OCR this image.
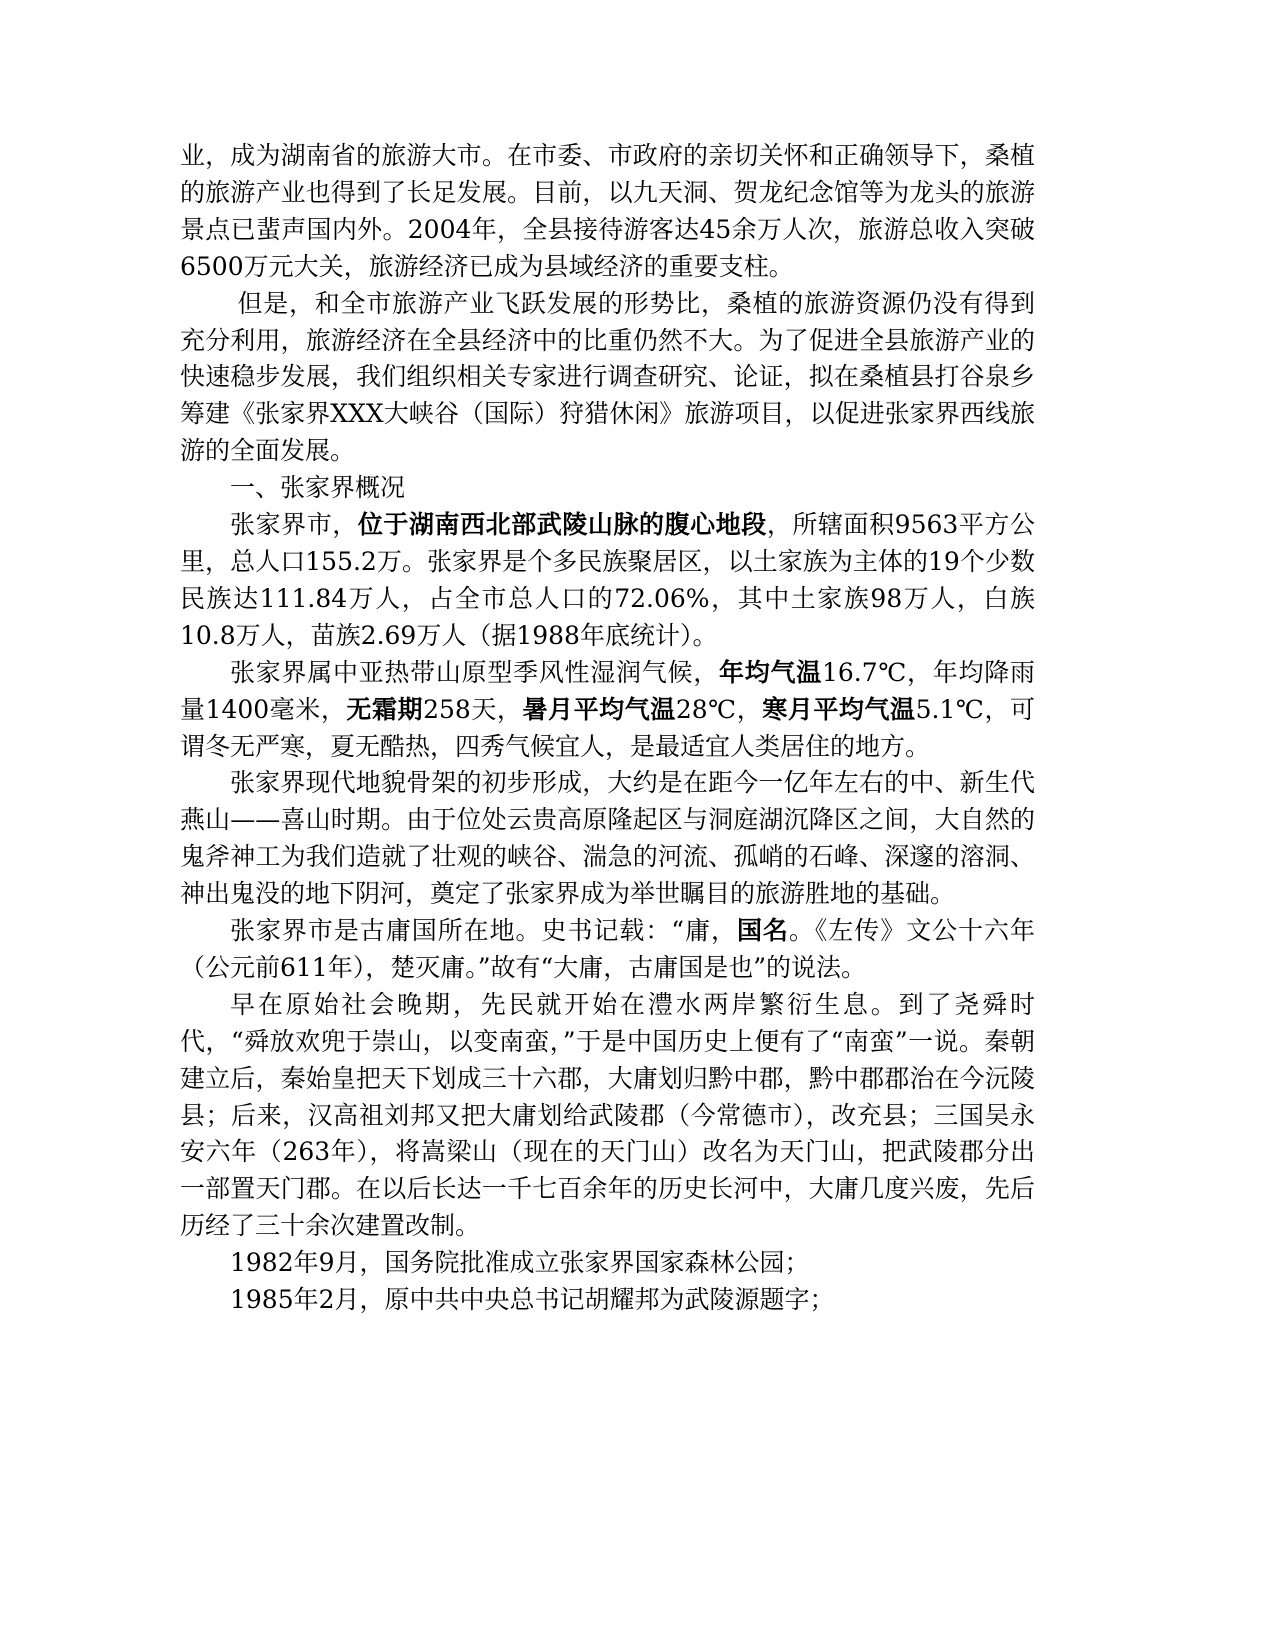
业，成为湖南省的旅游大市。在市委、市政府的亲切关怀和正确领导下，桑植的旅游产业也得到了长足发展。目前，以九天洞、贺龙纪念馆等为龙头的旅游景点已蜚声国内外。2004年，全县接待游客达45余万人次，旅游总收入突破6500万元大关，旅游经济已成为县域经济的重要支柱。

但是，和全市旅游产业飞跃发展的形势比，桑植的旅游资源仍没有得到充分利用，旅游经济在全县经济中的比重仍然不大。为了促进全县旅游产业的快速稳步发展，我们组织相关专家进行调查研究、论证，拟在桑植县打谷泉乡筹建《张家界XXX大峡谷（国际）狩猎休闲》旅游项目，以促进张家界西线旅游的全面发展。

一、张家界概况

张家界市，位于湖南西北部武陵山脉的腹心地段，所辖面积9563平方公里，总人口155.2万。张家界是个多民族聚居区，以土家族为主体的19个少数民族达111.84万人，占全市总人口的72.06%，其中土家族98万人，白族10.8万人，苗族2.69万人（据1988年底统计）。

张家界属中亚热带山原型季风性湿润气候，年均气温16.7℃，年均降雨量1400毫米，无霜期258天，暑月平均气温28℃，寒月平均气温5.1℃，可谓冬无严寒，夏无酷热，四秀气候宜人，是最适宜人类居住的地方。

张家界现代地貌骨架的初步形成，大约是在距今一亿年左右的中、新生代燕山——喜山时期。由于位处云贵高原隆起区与洞庭湖沉降区之间，大自然的鬼斧神工为我们造就了壮观的峡谷、湍急的河流、孤峭的石峰、深邃的溶洞、神出鬼没的地下阴河，奠定了张家界成为举世瞩目的旅游胜地的基础。

张家界市是古庸国所在地。史书记载：“庸，国名。《左传》文公十六年（公元前611年），楚灭庸。”故有“大庸，古庸国是也”的说法。

早在原始社会晚期，先民就开始在澧水两岸繁衍生息。到了尧舜时代，“舜放欢兜于崇山，以变南蛮，”于是中国历史上便有了“南蛮”一说。秦朝建立后，秦始皇把天下划成三十六郡，大庸划归黔中郡，黔中郡郡治在今沅陵县；后来，汉高祖刘邦又把大庸划给武陵郡（今常德市），改充县；三国吴永安六年（263年），将嵩梁山（现在的天门山）改名为天门山，把武陵郡分出一部置天门郡。在以后长达一千七百余年的历史长河中，大庸几度兴废，先后历经了三十余次建置改制。

1982年9月，国务院批准成立张家界国家森林公园；

1985年2月，原中共中央总书记胡耀邦为武陵源题字；
